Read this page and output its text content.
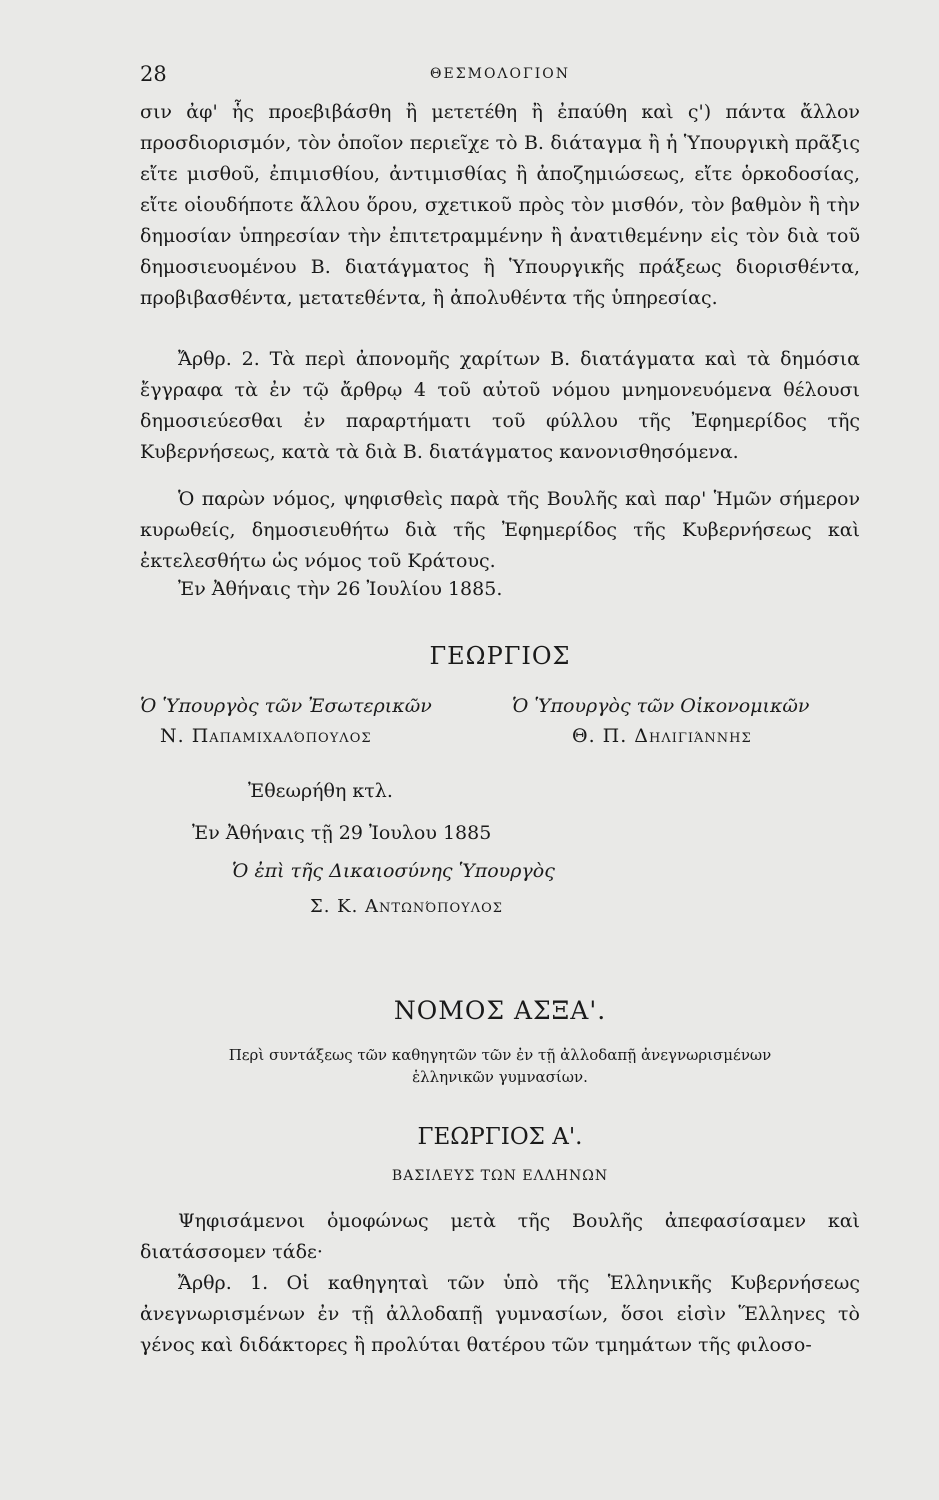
28	ΘΕΣΜΟΛΟΓΙΟΝ

σιν ἀφ' ἧς προεβιβάσθη ἢ μετετέθη ἢ ἐπαύθη καὶ ς') πάντα ἄλλον προσδιορισμόν, τὸν ὁποῖον περιεῖχε τὸ Β. διάταγμα ἢ ἡ Ὑπουργικὴ πρᾶξις εἴτε μισθοῦ, ἐπιμισθίου, ἀντιμισθίας ἢ ἀποζημιώσεως, εἴτε ὁρκοδοσίας, εἴτε οἱουδήποτε ἄλλου ὅρου, σχετικοῦ πρὸς τὸν μισθόν, τὸν βαθμὸν ἢ τὴν δημοσίαν ὑπηρεσίαν τὴν ἐπιτετραμμένην ἢ ἀνατιθεμένην εἰς τὸν διὰ τοῦ δημοσιευομένου Β. διατάγματος ἢ Ὑπουργικῆς πράξεως διορισθέντα, προβιβασθέντα, μετατεθέντα, ἢ ἀπολυθέντα τῆς ὑπηρεσίας.

Ἄρθρ. 2. Τὰ περὶ ἀπονομῆς χαρίτων Β. διατάγματα καὶ τὰ δημόσια ἔγγραφα τὰ ἐν τῷ ἄρθρῳ 4 τοῦ αὐτοῦ νόμου μνημονευόμενα θέλουσι δημοσιεύεσθαι ἐν παραρτήματι τοῦ φύλλου τῆς Ἐφημερίδος τῆς Κυβερνήσεως, κατὰ τὰ διὰ Β. διατάγματος κανονισθησόμενα.

Ὁ παρὼν νόμος, ψηφισθεὶς παρὰ τῆς Βουλῆς καὶ παρ' Ἡμῶν σήμερον κυρωθείς, δημοσιευθήτω διὰ τῆς Ἐφημερίδος τῆς Κυβερνήσεως καὶ ἐκτελεσθήτω ὡς νόμος τοῦ Κράτους.

Ἐν Ἀθήναις τὴν 26 Ἰουλίου 1885.

ΓΕΩΡΓΙΟΣ
Ὁ Ὑπουργὸς τῶν Ἐσωτερικῶν
Ν. Παπαμιχαλόπουλος
Ὁ Ὑπουργὸς τῶν Οἰκονομικῶν
Θ. Π. Δηλιγιάννης
Ἐθεωρήθη κτλ.
Ἐν Ἀθήναις τῇ 29 Ἰουλου 1885
Ὁ ἐπὶ τῆς Δικαιοσύνης Ὑπουργὸς
Σ. Κ. Αντωνόπουλος
ΝΟΜΟΣ ΑΣΞΑ'.
Περὶ συντάξεως τῶν καθηγητῶν τῶν ἐν τῇ ἀλλοδαπῇ ἀνεγνωρισμένων
ἑλληνικῶν γυμνασίων.
ΓΕΩΡΓΙΟΣ Α'.
ΒΑΣΙΛΕΥΣ ΤΩΝ ΕΛΛΗΝΩΝ

Ψηφισάμενοι ὁμοφώνως μετὰ τῆς Βουλῆς ἀπεφασίσαμεν καὶ διατάσσομεν τάδε·

Ἄρθρ. 1. Οἱ καθηγηταὶ τῶν ὑπὸ τῆς Ἑλληνικῆς Κυβερνήσεως ἀνεγνωρισμένων ἐν τῇ ἀλλοδαπῇ γυμνασίων, ὅσοι εἰσὶν Ἕλληνες τὸ γένος καὶ διδάκτορες ἢ προλύται θατέρου τῶν τμημάτων τῆς φιλοσο-
